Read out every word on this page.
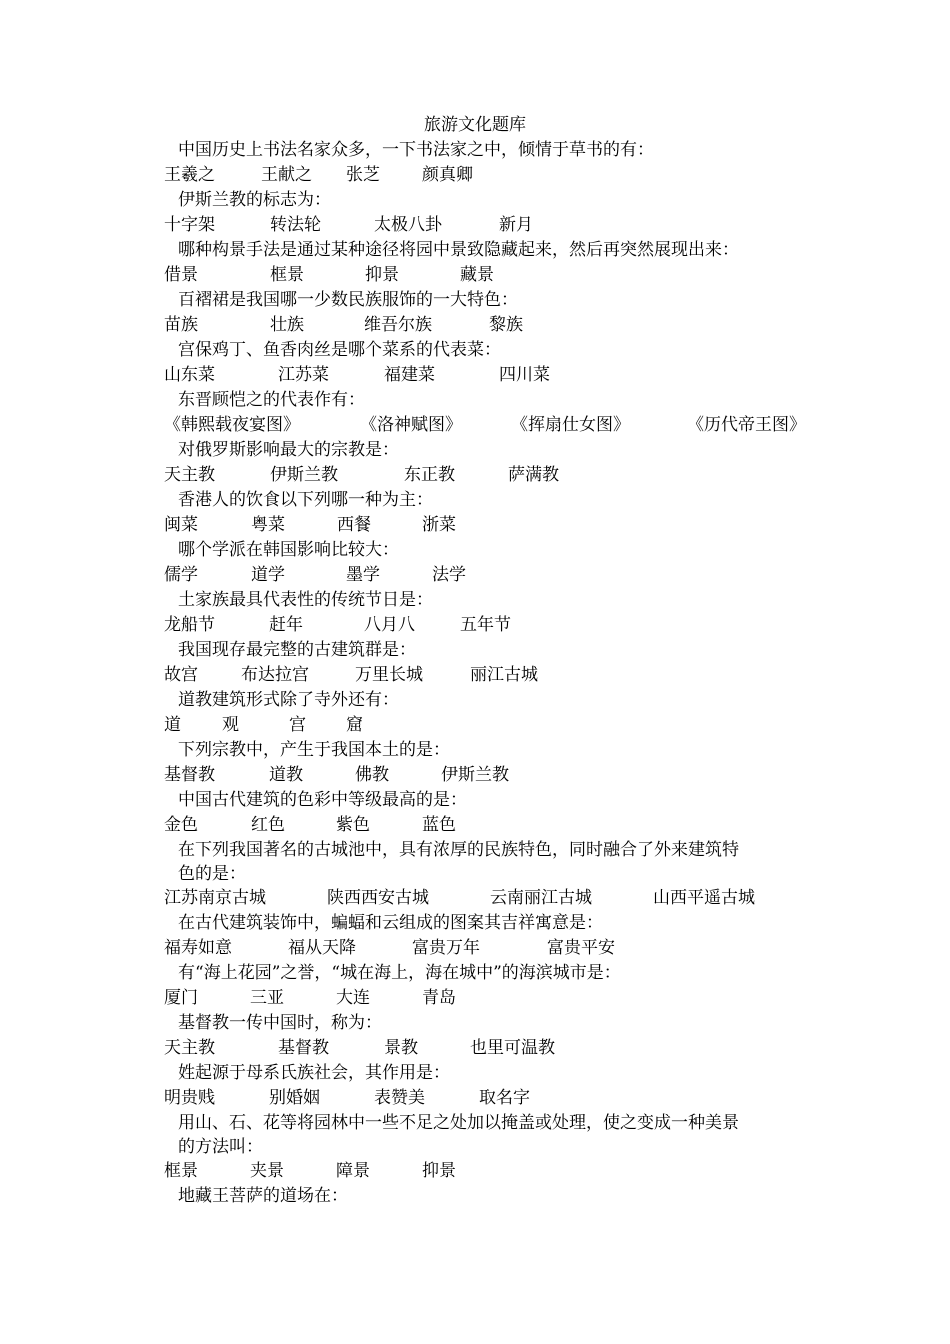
旅游文化题库
中国历史上书法名家众多，一下书法家之中，倾情于草书的有：
王羲之	王献之 张芝 颜真卿
伊斯兰教的标志为：
十字架	转法轮	太极八卦	新月
哪种构景手法是通过某种途径将园中景致隐藏起来，然后再突然展现出来：
借景	框景	抑景	藏景
百褶裙是我国哪一少数民族服饰的一大特色：
苗族	壮族	维吾尔族	黎族
宫保鸡丁、鱼香肉丝是哪个菜系的代表菜：
山东菜	江苏菜	福建菜	四川菜
东晋顾恺之的代表作有：
《韩熙载夜宴图》	《洛神赋图》	《挥扇仕女图》	《历代帝王图》
对俄罗斯影响最大的宗教是：
天主教	伊斯兰教	东正教	萨满教
香港人的饮食以下列哪一种为主：
闽菜	粤菜	西餐	浙菜
哪个学派在韩国影响比较大：
儒学	道学	墨学	法学
土家族最具代表性的传统节日是：
龙船节	赶年	八月八	五年节
我国现存最完整的古建筑群是：
故宫	布达拉宫	万里长城	丽江古城
道教建筑形式除了寺外还有：
道 观	宫 窟
下列宗教中，产生于我国本土的是：
基督教	道教	佛教	伊斯兰教
中国古代建筑的色彩中等级最高的是：
金色	红色	紫色	蓝色
在下列我国著名的古城池中，具有浓厚的民族特色，同时融合了外来建筑特
色的是：
江苏南京古城	陕西西安古城	云南丽江古城	山西平遥古城
在古代建筑装饰中，蝙蝠和云组成的图案其吉祥寓意是：
福寿如意	福从天降	富贵万年	富贵平安
有“海上花园”之誉，“城在海上，海在城中”的海滨城市是：
厦门	三亚	大连	青岛
基督教一传中国时，称为：
天主教	基督教	景教	也里可温教
姓起源于母系氏族社会，其作用是：
明贵贱	别婚姻	表赞美	取名字
用山、石、花等将园林中一些不足之处加以掩盖或处理，使之变成一种美景
的方法叫：
框景	夹景	障景	抑景
地藏王菩萨的道场在：
